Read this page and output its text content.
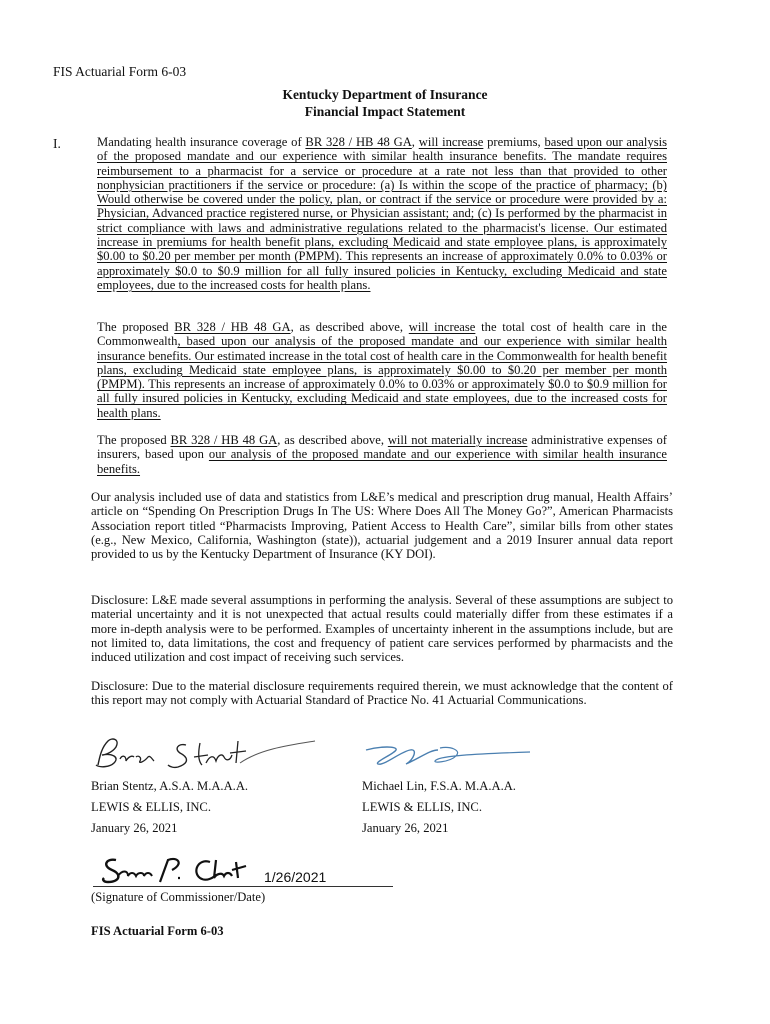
FIS Actuarial Form 6-03
Kentucky Department of Insurance
Financial Impact Statement
I.	Mandating health insurance coverage of BR 328 / HB 48 GA, will increase premiums, based upon our analysis of the proposed mandate and our experience with similar health insurance benefits. The mandate requires reimbursement to a pharmacist for a service or procedure at a rate not less than that provided to other nonphysician practitioners if the service or procedure: (a) Is within the scope of the practice of pharmacy; (b) Would otherwise be covered under the policy, plan, or contract if the service or procedure were provided by a: Physician, Advanced practice registered nurse, or Physician assistant; and; (c) Is performed by the pharmacist in strict compliance with laws and administrative regulations related to the pharmacist's license. Our estimated increase in premiums for health benefit plans, excluding Medicaid and state employee plans, is approximately $0.00 to $0.20 per member per month (PMPM). This represents an increase of approximately 0.0% to 0.03% or approximately $0.0 to $0.9 million for all fully insured policies in Kentucky, excluding Medicaid and state employees, due to the increased costs for health plans.
The proposed BR 328 / HB 48 GA, as described above, will increase the total cost of health care in the Commonwealth, based upon our analysis of the proposed mandate and our experience with similar health insurance benefits. Our estimated increase in the total cost of health care in the Commonwealth for health benefit plans, excluding Medicaid state employee plans, is approximately $0.00 to $0.20 per member per month (PMPM). This represents an increase of approximately 0.0% to 0.03% or approximately $0.0 to $0.9 million for all fully insured policies in Kentucky, excluding Medicaid and state employees, due to the increased costs for health plans.
The proposed BR 328 / HB 48 GA, as described above, will not materially increase administrative expenses of insurers, based upon our analysis of the proposed mandate and our experience with similar health insurance benefits.
Our analysis included use of data and statistics from L&E’s medical and prescription drug manual, Health Affairs’ article on “Spending On Prescription Drugs In The US: Where Does All The Money Go?”, American Pharmacists Association report titled “Pharmacists Improving, Patient Access to Health Care”, similar bills from other states (e.g., New Mexico, California, Washington (state)), actuarial judgement and a 2019 Insurer annual data report provided to us by the Kentucky Department of Insurance (KY DOI).
Disclosure: L&E made several assumptions in performing the analysis. Several of these assumptions are subject to material uncertainty and it is not unexpected that actual results could materially differ from these estimates if a more in-depth analysis were to be performed. Examples of uncertainty inherent in the assumptions include, but are not limited to, data limitations, the cost and frequency of patient care services performed by pharmacists and the induced utilization and cost impact of receiving such services.
Disclosure: Due to the material disclosure requirements required therein, we must acknowledge that the content of this report may not comply with Actuarial Standard of Practice No. 41 Actuarial Communications.
Brian Stentz, A.S.A. M.A.A.A.
LEWIS & ELLIS, INC.
January 26, 2021
Michael Lin, F.S.A. M.A.A.A.
LEWIS & ELLIS, INC.
January 26, 2021
1/26/2021
(Signature of Commissioner/Date)
FIS Actuarial Form 6-03
